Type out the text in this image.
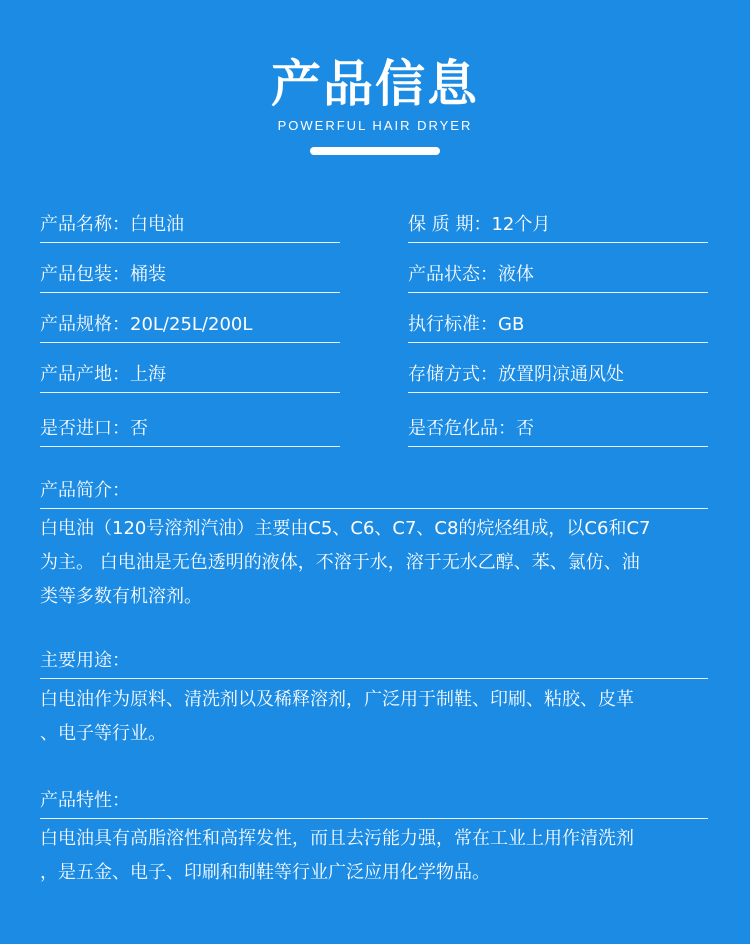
产品信息
POWERFUL HAIR DRYER
产品名称：白电油	保 质 期：12个月
产品包装：桶装	产品状态：液体
产品规格：20L/25L/200L	执行标准：GB
产品产地：上海	存储方式：放置阴凉通风处
是否进口：否	是否危化品：否
产品简介：
白电油（120号溶剂汽油）主要由C5、C6、C7、C8的烷烃组成，以C6和C7
为主。 白电油是无色透明的液体，不溶于水，溶于无水乙醇、苯、氯仿、油
类等多数有机溶剂。
主要用途：
白电油作为原料、清洗剂以及稀释溶剂，广泛用于制鞋、印刷、粘胶、皮革
、电子等行业。
产品特性：
白电油具有高脂溶性和高挥发性，而且去污能力强，常在工业上用作清洗剂
，是五金、电子、印刷和制鞋等行业广泛应用化学物品。
